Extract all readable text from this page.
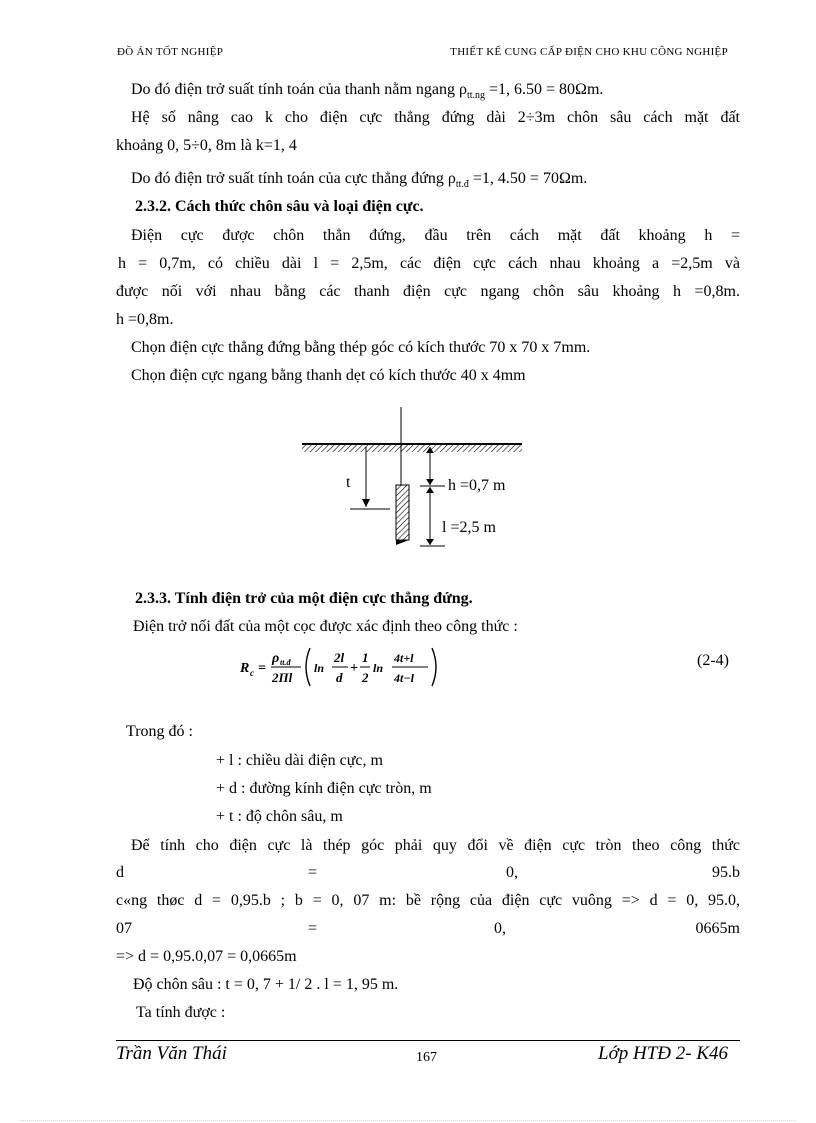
ĐỒ ÁN TỐT NGHIỆP	THIẾT KẾ CUNG CẤP ĐIỆN CHO KHU CÔNG NGHIỆP
Do đó điện trở suất tính toán của thanh nằm ngang $\rho_{tt.ng} =1$, 6.50 = 80Ωm.
Hệ số nâng cao k cho điện cực thẳng đứng dài 2÷3m chôn sâu cách mặt đất
khoảng 0, 5÷0, 8m là k=1, 4
Do đó điện trở suất tính toán của cực thẳng đứng $\rho_{tt.đ} =1$, 4.50 = 70Ωm.
2.3.2. Cách thức chôn sâu và loại điện cực.
Điện cực được chôn thẳn đứng, đầu trên cách mặt đất khoảng h =
h = 0,7m, có chiều dài l = 2,5m, các điện cực cách nhau khoảng a =2,5m và
được nối với nhau bằng các thanh điện cực ngang chôn sâu khoảng h =0,8m.
h =0,8m.
Chọn điện cực thẳng đứng bằng thép góc có kích thước 70 x 70 x 7mm.
Chọn điện cực ngang bằng thanh dẹt có kích thước 40 x 4mm
t	h =0,7 m
l =2,5 m
2.3.3. Tính điện trở của một điện cực thẳng đứng.
Điện trở nối đất của một cọc được xác định theo công thức :
R c =
ρ tt.đ
2Πl
ln
2l
d
+
1
2
ln
4t+l
4t−l
(2-4)
Trong đó :
+ l : chiều dài điện cực, m
+ d : đường kính điện cực tròn, m
+ t : độ chôn sâu, m
Để tính cho điện cực là thép góc phải quy đổi về điện cực tròn theo công thức
d	=	0,	95.b
c«ng thøc d = 0,95.b ; b = 0, 07 m: bề rộng của điện cực vuông => d = 0, 95.0,
07	=	0,	0665m
=> d = 0,95.0,07 = 0,0665m
Độ chôn sâu : t = 0, 7 + 1/ 2 . l = 1, 95 m.
Ta tính được :
Trần Văn Thái	167	Lớp HTĐ 2- K46
